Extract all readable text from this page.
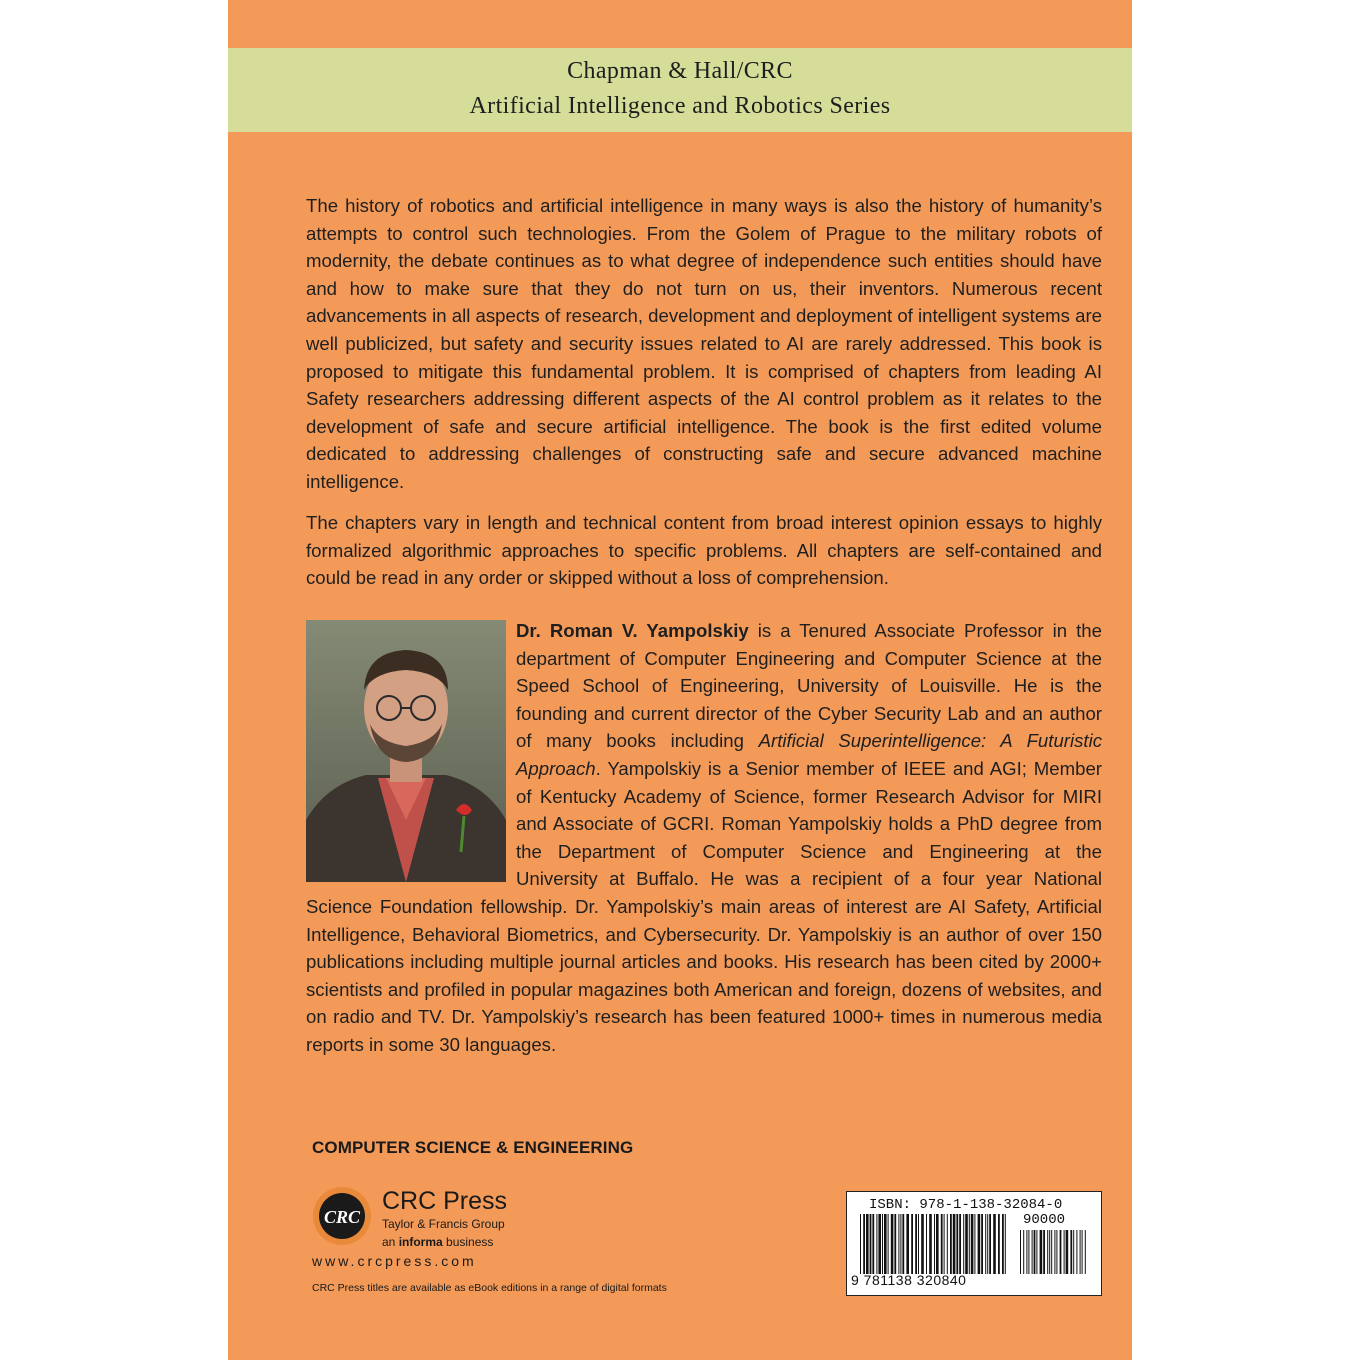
Chapman & Hall/CRC
Artificial Intelligence and Robotics Series

The history of robotics and artificial intelligence in many ways is also the history of humanity’s attempts to control such technologies. From the Golem of Prague to the military robots of modernity, the debate continues as to what degree of independence such entities should have and how to make sure that they do not turn on us, their inventors. Numerous recent advancements in all aspects of research, development and deployment of intelligent systems are well publicized, but safety and security issues related to AI are rarely addressed. This book is proposed to mitigate this fundamental problem. It is comprised of chapters from leading AI Safety researchers addressing different aspects of the AI control problem as it relates to the development of safe and secure artificial intelligence. The book is the first edited volume dedicated to addressing challenges of constructing safe and secure advanced machine intelligence.

The chapters vary in length and technical content from broad interest opinion essays to highly formalized algorithmic approaches to specific problems. All chapters are self-contained and could be read in any order or skipped without a loss of comprehension.

Dr. Roman V. Yampolskiy is a Tenured Associate Professor in the department of Computer Engineering and Computer Science at the Speed School of Engineering, University of Louisville. He is the founding and current director of the Cyber Security Lab and an author of many books including Artificial Superintelligence: A Futuristic Approach. Yampolskiy is a Senior member of IEEE and AGI; Member of Kentucky Academy of Science, former Research Advisor for MIRI and Associate of GCRI. Roman Yampolskiy holds a PhD degree from the Department of Computer Science and Engineering at the University at Buffalo. He was a recipient of a four year National Science Foundation fellowship. Dr. Yampolskiy’s main areas of interest are AI Safety, Artificial Intelligence, Behavioral Biometrics, and Cybersecurity. Dr. Yampolskiy is an author of over 150 publications including multiple journal articles and books. His research has been cited by 2000+ scientists and profiled in popular magazines both American and foreign, dozens of websites, and on radio and TV. Dr. Yampolskiy’s research has been featured 1000+ times in numerous media reports in some 30 languages.

COMPUTER SCIENCE & ENGINEERING
CRC
CRC Press
Taylor & Francis Group
an informa business
www.crcpress.com
CRC Press titles are available as eBook editions in a range of digital formats
ISBN: 978-1-138-32084-0
90000
9 781138 320840
